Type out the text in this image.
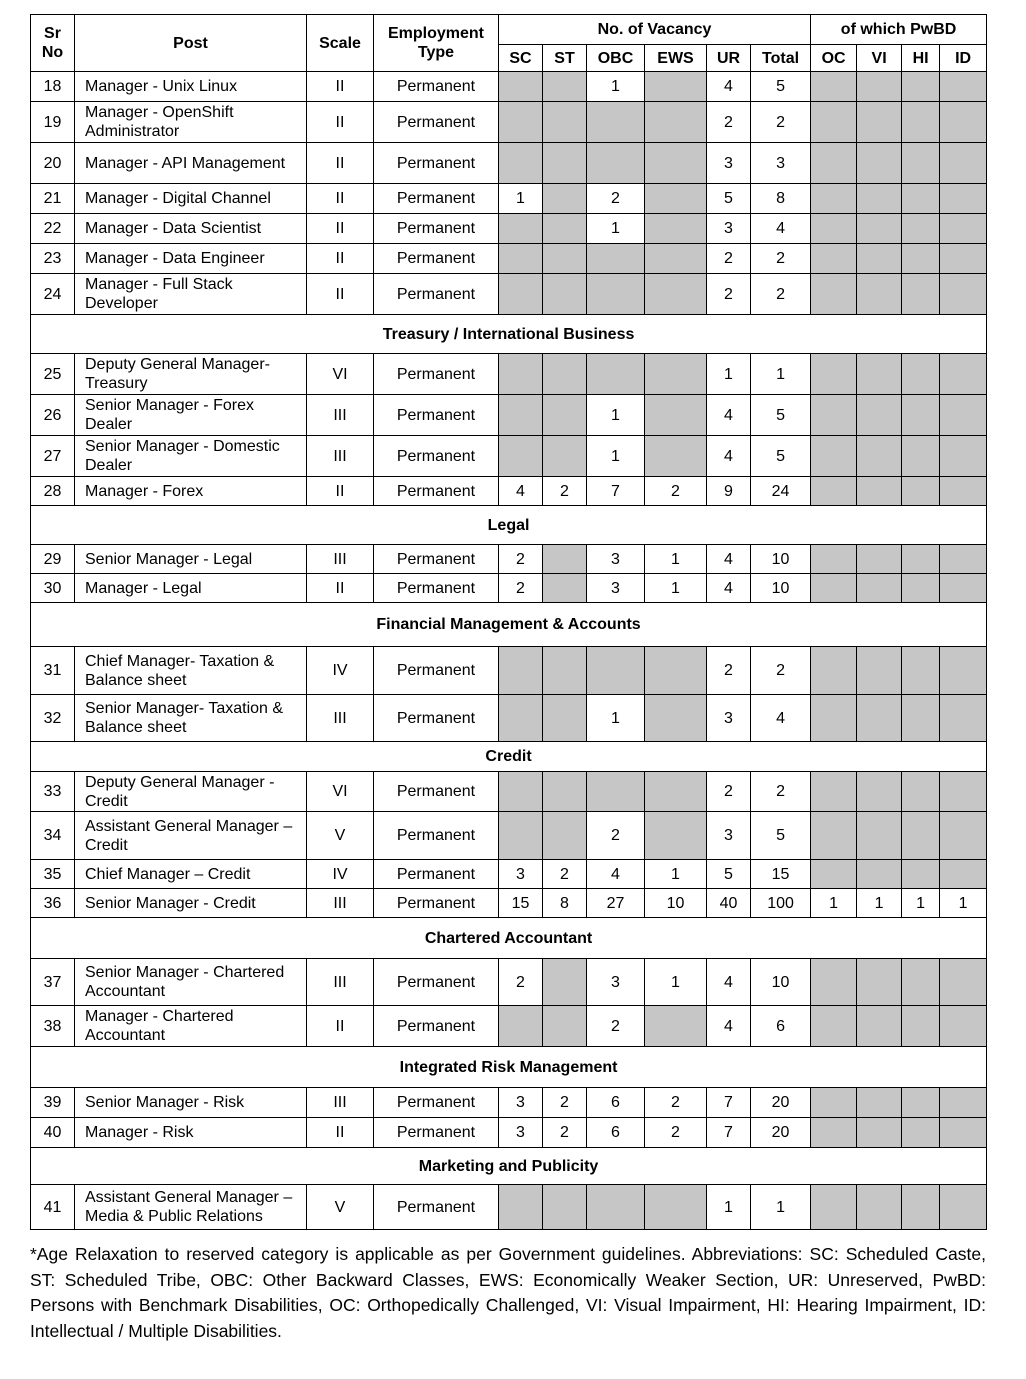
Sr No	Post	Scale	Employment Type	No. of Vacancy						of which PwBD			
				SC	ST	OBC	EWS	UR	Total	OC	VI	HI	ID
18	Manager - Unix Linux	II	Permanent			1		4	5				
19	Manager - OpenShift Administrator	II	Permanent					2	2				
20	Manager - API Management	II	Permanent					3	3				
21	Manager - Digital Channel	II	Permanent	1		2		5	8				
22	Manager - Data Scientist	II	Permanent			1		3	4				
23	Manager - Data Engineer	II	Permanent					2	2				
24	Manager - Full Stack Developer	II	Permanent					2	2				
Treasury / International Business													
25	Deputy General Manager- Treasury	VI	Permanent					1	1				
26	Senior Manager - Forex Dealer	III	Permanent			1		4	5				
27	Senior Manager - Domestic Dealer	III	Permanent			1		4	5				
28	Manager - Forex	II	Permanent	4	2	7	2	9	24				
Legal													
29	Senior Manager - Legal	III	Permanent	2		3	1	4	10				
30	Manager - Legal	II	Permanent	2		3	1	4	10				
Financial Management & Accounts													
31	Chief Manager- Taxation & Balance sheet	IV	Permanent					2	2				
32	Senior Manager- Taxation & Balance sheet	III	Permanent			1		3	4				
Credit													
33	Deputy General Manager - Credit	VI	Permanent					2	2				
34	Assistant General Manager – Credit	V	Permanent			2		3	5				
35	Chief Manager – Credit	IV	Permanent	3	2	4	1	5	15				
36	Senior Manager - Credit	III	Permanent	15	8	27	10	40	100	1	1	1	1
Chartered Accountant													
37	Senior Manager - Chartered Accountant	III	Permanent	2		3	1	4	10				
38	Manager - Chartered Accountant	II	Permanent			2		4	6				
Integrated Risk Management													
39	Senior Manager - Risk	III	Permanent	3	2	6	2	7	20				
40	Manager - Risk	II	Permanent	3	2	6	2	7	20				
Marketing and Publicity													
41	Assistant General Manager – Media & Public Relations	V	Permanent					1	1				

*Age Relaxation to reserved category is applicable as per Government guidelines. Abbreviations: SC: Scheduled Caste, ST: Scheduled Tribe, OBC: Other Backward Classes, EWS: Economically Weaker Section, UR: Unreserved, PwBD: Persons with Benchmark Disabilities, OC: Orthopedically Challenged, VI: Visual Impairment, HI: Hearing Impairment, ID: Intellectual / Multiple Disabilities.
